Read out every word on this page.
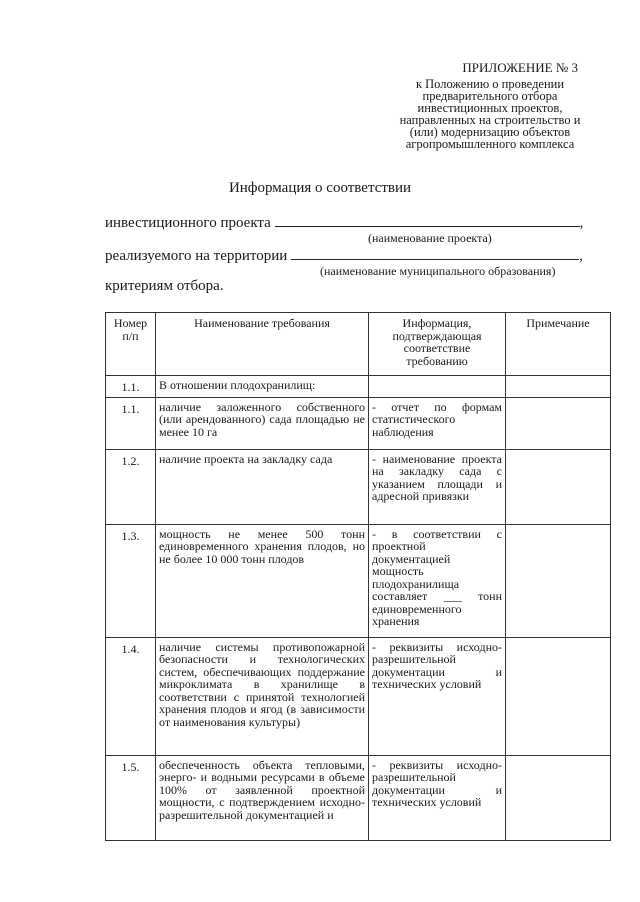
ПРИЛОЖЕНИЕ № 3
к Положению о проведении
предварительного отбора
инвестиционных проектов,
направленных на строительство и
(или) модернизацию объектов
агропромышленного комплекса
Информация о соответствии
инвестиционного проекта	,
(наименование проекта)
реализуемого на территории	,
(наименование муниципального образования)
критериям отбора.
Номер п/п	Наименование требования	Информация, подтверждающая соответствие требованию	Примечание
1.1.	В отношении плодохранилищ:		
1.1.	наличие заложенного собственного (или арендованного) сада площадью не менее 10 га	- отчет по формам статистического наблюдения	
1.2.	наличие проекта на закладку сада	- наименование проекта на закладку сада с указанием площади и адресной привязки	
1.3.	мощность не менее 500 тонн единовременного хранения плодов, но не более 10 000 тонн плодов	- в соответствии с проектной документацией мощность плодохранилища составляет ___ тонн единовременного хранения	
1.4.	наличие системы противопожарной безопасности и технологических систем, обеспечивающих поддержание микроклимата в хранилище в соответствии с принятой технологией хранения плодов и ягод (в зависимости от наименования культуры)	- реквизиты исходно-разрешительной документации и технических условий	
1.5.	обеспеченность объекта тепловыми, энерго- и водными ресурсами в объеме 100% от заявленной проектной мощности, с подтверждением исходно-разрешительной документацией и	- реквизиты исходно-разрешительной документации и технических условий	
